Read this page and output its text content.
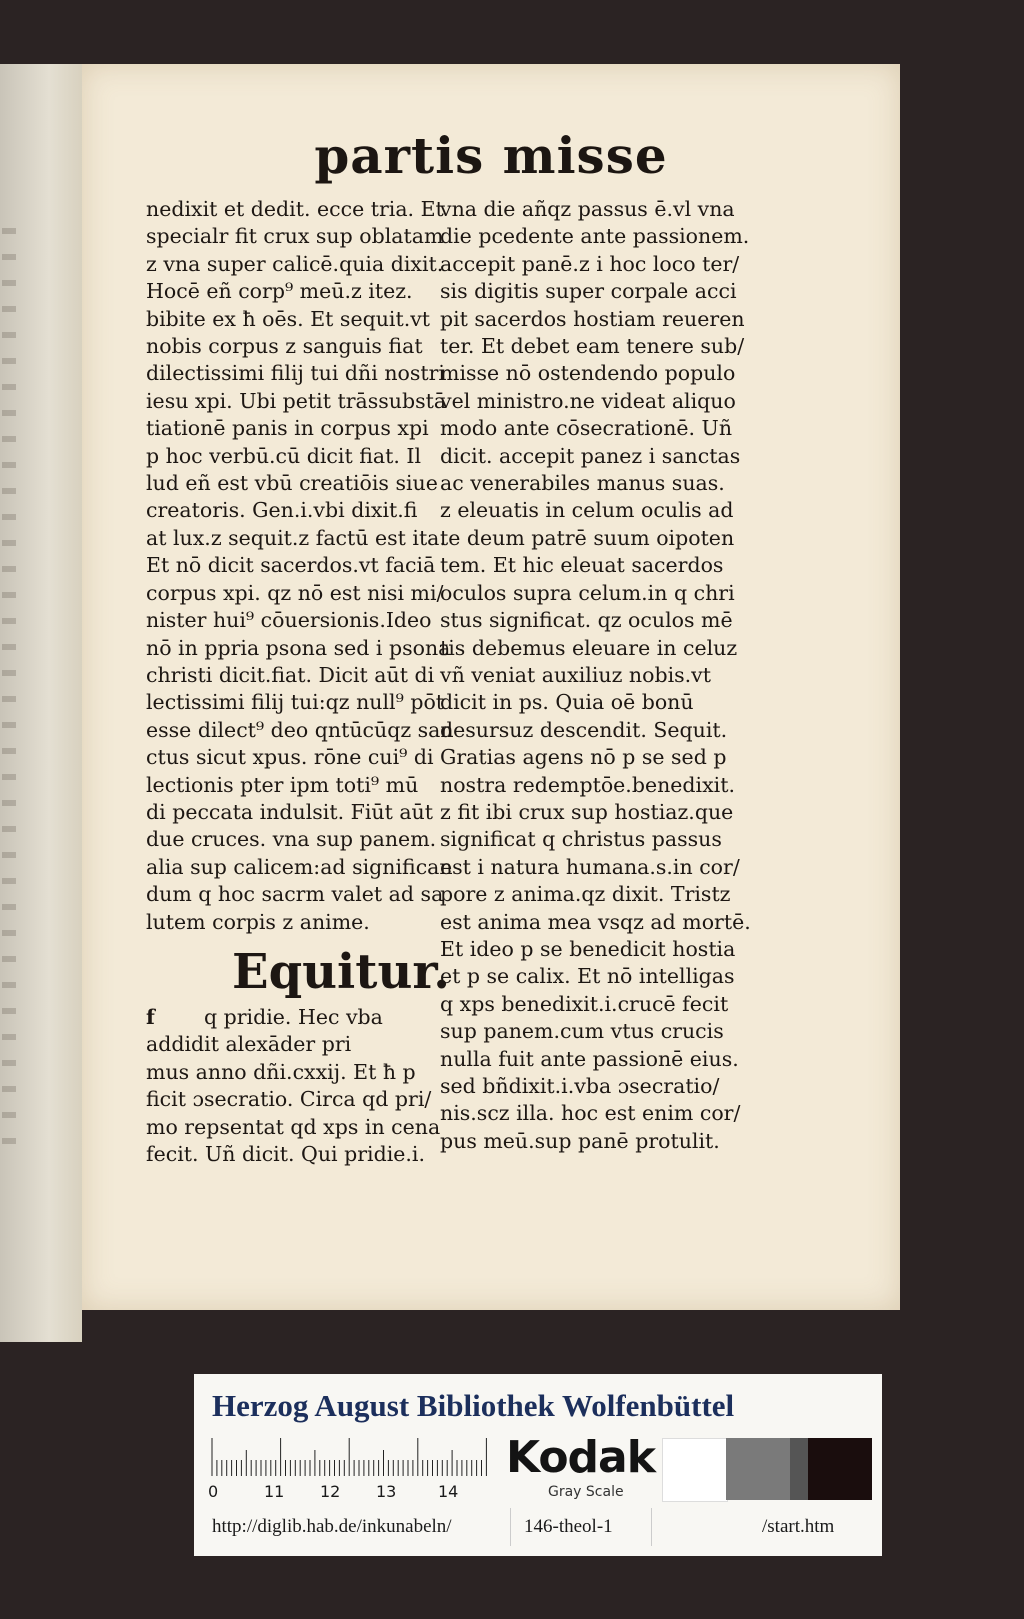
partis misse
nedixit et dedit. ecce tria. Et
specialr fit crux sup oblatam
z vna super calicē.quia dixit.
Hocē eñ corp⁹ meū.z itez.
bibite ex ħ oēs. Et sequit.vt
nobis corpus z sanguis fiat
dilectissimi filij tui dñi nostri
iesu xpi. Ubi petit trāssubstā
tiationē panis in corpus xpi
p hoc verbū.cū dicit fiat. Il
lud eñ est vbū creatiōis siue
creatoris. Gen.i.vbi dixit.fi
at lux.z sequit.z factū est ita.
Et nō dicit sacerdos.vt faciā
corpus xpi. qz nō est nisi mi/
nister hui⁹ cōuersionis.Ideo
nō in ppria psona sed i psona
christi dicit.fiat. Dicit aūt di
lectissimi filij tui:qz null⁹ pōt
esse dilect⁹ deo qntūcūqz san
ctus sicut xpus. rōne cui⁹ di
lectionis pter ipm toti⁹ mū
di peccata indulsit. Fiūt aūt
due cruces. vna sup panem.
alia sup calicem:ad significan
dum q hoc sacrm valet ad sa
lutem corpis z anime.
Equitur.
f q pridie. Hec vba
addidit alexāder pri
mus anno dñi.cxxij. Et ħ p
ficit ɔsecratio. Circa qd pri/
mo repsentat qd xps in cena
fecit. Uñ dicit. Qui pridie.i.
vna die añqz passus ē.vl vna
die pcedente ante passionem.
accepit panē.z i hoc loco ter/
sis digitis super corpale acci
pit sacerdos hostiam reueren
ter. Et debet eam tenere sub/
misse nō ostendendo populo
vel ministro.ne videat aliquo
modo ante cōsecrationē. Uñ
dicit. accepit panez i sanctas
ac venerabiles manus suas.
z eleuatis in celum oculis ad
te deum patrē suum oipoten
tem. Et hic eleuat sacerdos
oculos supra celum.in q chri
stus significat. qz oculos mē
tis debemus eleuare in celuz
vñ veniat auxiliuz nobis.vt
dicit in ps. Quia oē bonū
desursuz descendit. Sequit.
Gratias agens nō p se sed p
nostra redemptōe.benedixit.
z fit ibi crux sup hostiaz.que
significat q christus passus
est i natura humana.s.in cor/
pore z anima.qz dixit. Tristz
est anima mea vsqz ad mortē.
Et ideo p se benedicit hostia
et p se calix. Et nō intelligas
q xps benedixit.i.crucē fecit
sup panem.cum vtus crucis
nulla fuit ante passionē eius.
sed bñdixit.i.vba ɔsecratio/
nis.scz illa. hoc est enim cor/
pus meū.sup panē protulit.
Herzog August Bibliothek Wolfenbüttel
0	11 12 13	14
Kodak
Gray Scale
http://diglib.hab.de/inkunabeln/	146-theol-1	/start.htm
